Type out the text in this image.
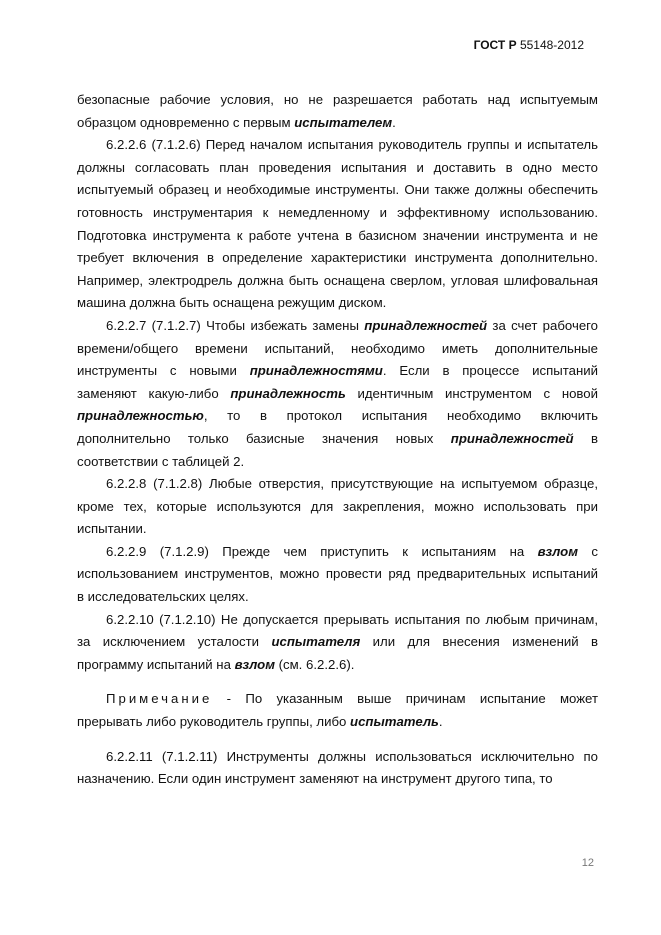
ГОСТ Р 55148-2012
безопасные рабочие условия, но не разрешается работать над испытуемым
образцом одновременно с первым испытателем.
6.2.2.6 (7.1.2.6) Перед началом испытания руководитель группы и испытатель
должны согласовать план проведения испытания и доставить в одно место
испытуемый образец и необходимые инструменты. Они также должны обеспечить
готовность инструментария к немедленному и эффективному использованию.
Подготовка инструмента к работе учтена в базисном значении инструмента и не
требует включения в определение характеристики инструмента дополнительно.
Например, электродрель должна быть оснащена сверлом, угловая шлифовальная
машина должна быть оснащена режущим диском.
6.2.2.7 (7.1.2.7) Чтобы избежать замены принадлежностей за счет рабочего
времени/общего времени испытаний, необходимо иметь дополнительные
инструменты с новыми принадлежностями. Если в процессе испытаний
заменяют какую-либо принадлежность идентичным инструментом с новой
принадлежностью, то в протокол испытания необходимо включить
дополнительно только базисные значения новых принадлежностей в
соответствии с таблицей 2.
6.2.2.8 (7.1.2.8) Любые отверстия, присутствующие на испытуемом образце,
кроме тех, которые используются для закрепления, можно использовать при
испытании.
6.2.2.9 (7.1.2.9) Прежде чем приступить к испытаниям на взлом с
использованием инструментов, можно провести ряд предварительных испытаний
в исследовательских целях.
6.2.2.10 (7.1.2.10) Не допускается прерывать испытания по любым причинам,
за исключением усталости испытателя или для внесения изменений в
программу испытаний на взлом (см. 6.2.2.6).
Примечание - По указанным выше причинам испытание может
прерывать либо руководитель группы, либо испытатель.
6.2.2.11 (7.1.2.11) Инструменты должны использоваться исключительно по
назначению. Если один инструмент заменяют на инструмент другого типа, то
12
